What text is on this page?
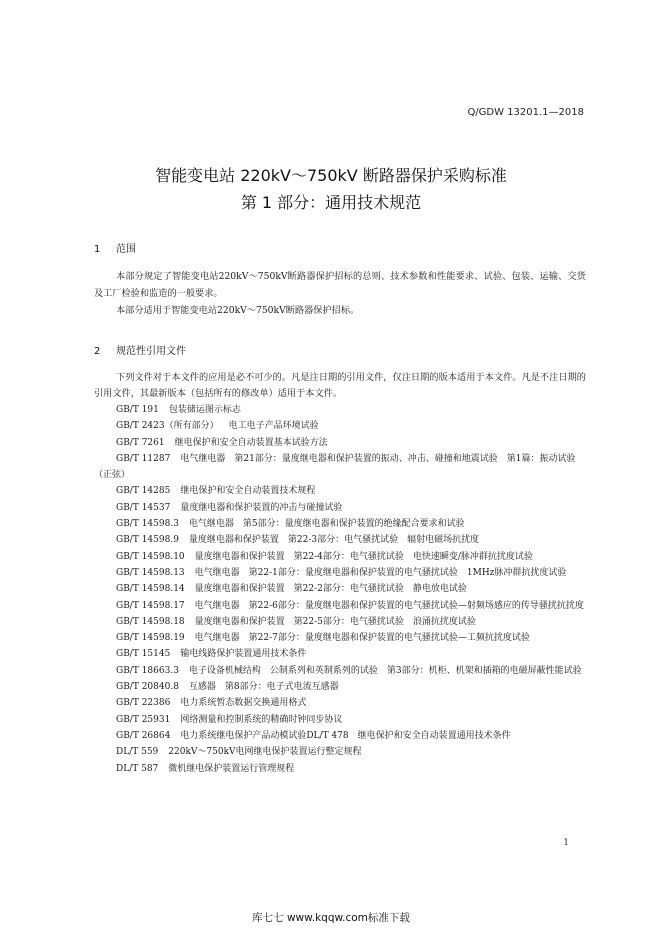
Q/GDW 13201.1—2018
智能变电站 220kV～750kV 断路器保护采购标准
第 1 部分：通用技术规范
1 范围

本部分规定了智能变电站220kV～750kV断路器保护招标的总则、技术参数和性能要求、试验、包装、运输、交货及工厂检验和监造的一般要求。

本部分适用于智能变电站220kV～750kV断路器保护招标。

2 规范性引用文件

下列文件对于本文件的应用是必不可少的。凡是注日期的引用文件，仅注日期的版本适用于本文件。凡是不注日期的引用文件，其最新版本（包括所有的修改单）适用于本文件。

GB/T 191 包装储运图示标志

GB/T 2423（所有部分） 电工电子产品环境试验

GB/T 7261 继电保护和安全自动装置基本试验方法

GB/T 11287 电气继电器　第21部分：量度继电器和保护装置的振动、冲击、碰撞和地震试验　第1篇：振动试验（正弦）

GB/T 14285 继电保护和安全自动装置技术规程

GB/T 14537 量度继电器和保护装置的冲击与碰撞试验

GB/T 14598.3 电气继电器　第5部分：量度继电器和保护装置的绝缘配合要求和试验

GB/T 14598.9 量度继电器和保护装置　第22-3部分：电气骚扰试验　辐射电磁场抗扰度

GB/T 14598.10 量度继电器和保护装置　第22-4部分：电气骚扰试验　电快速瞬变/脉冲群抗扰度试验

GB/T 14598.13 电气继电器　第22-1部分：量度继电器和保护装置的电气骚扰试验　1MHz脉冲群抗扰度试验

GB/T 14598.14 量度继电器和保护装置　第22-2部分：电气骚扰试验　静电放电试验

GB/T 14598.17 电气继电器　第22-6部分：量度继电器和保护装置的电气骚扰试验—射频场感应的传导骚扰抗扰度

GB/T 14598.18 量度继电器和保护装置　第22-5部分：电气骚扰试验　浪涌抗扰度试验

GB/T 14598.19 电气继电器　第22-7部分：量度继电器和保护装置的电气骚扰试验—工频抗扰度试验

GB/T 15145 输电线路保护装置通用技术条件

GB/T 18663.3 电子设备机械结构　公制系列和英制系列的试验　第3部分：机柜、机架和插箱的电磁屏蔽性能试验

GB/T 20840.8 互感器　第8部分：电子式电流互感器

GB/T 22386 电力系统暂态数据交换通用格式

GB/T 25931 网络测量和控制系统的精确时钟同步协议

GB/T 26864 电力系统继电保护产品动模试验DL/T 478　继电保护和安全自动装置通用技术条件

DL/T 559 220kV～750kV电网继电保护装置运行整定规程

DL/T 587 微机继电保护装置运行管理规程

1
库七七 www.kqqw.com标准下载
